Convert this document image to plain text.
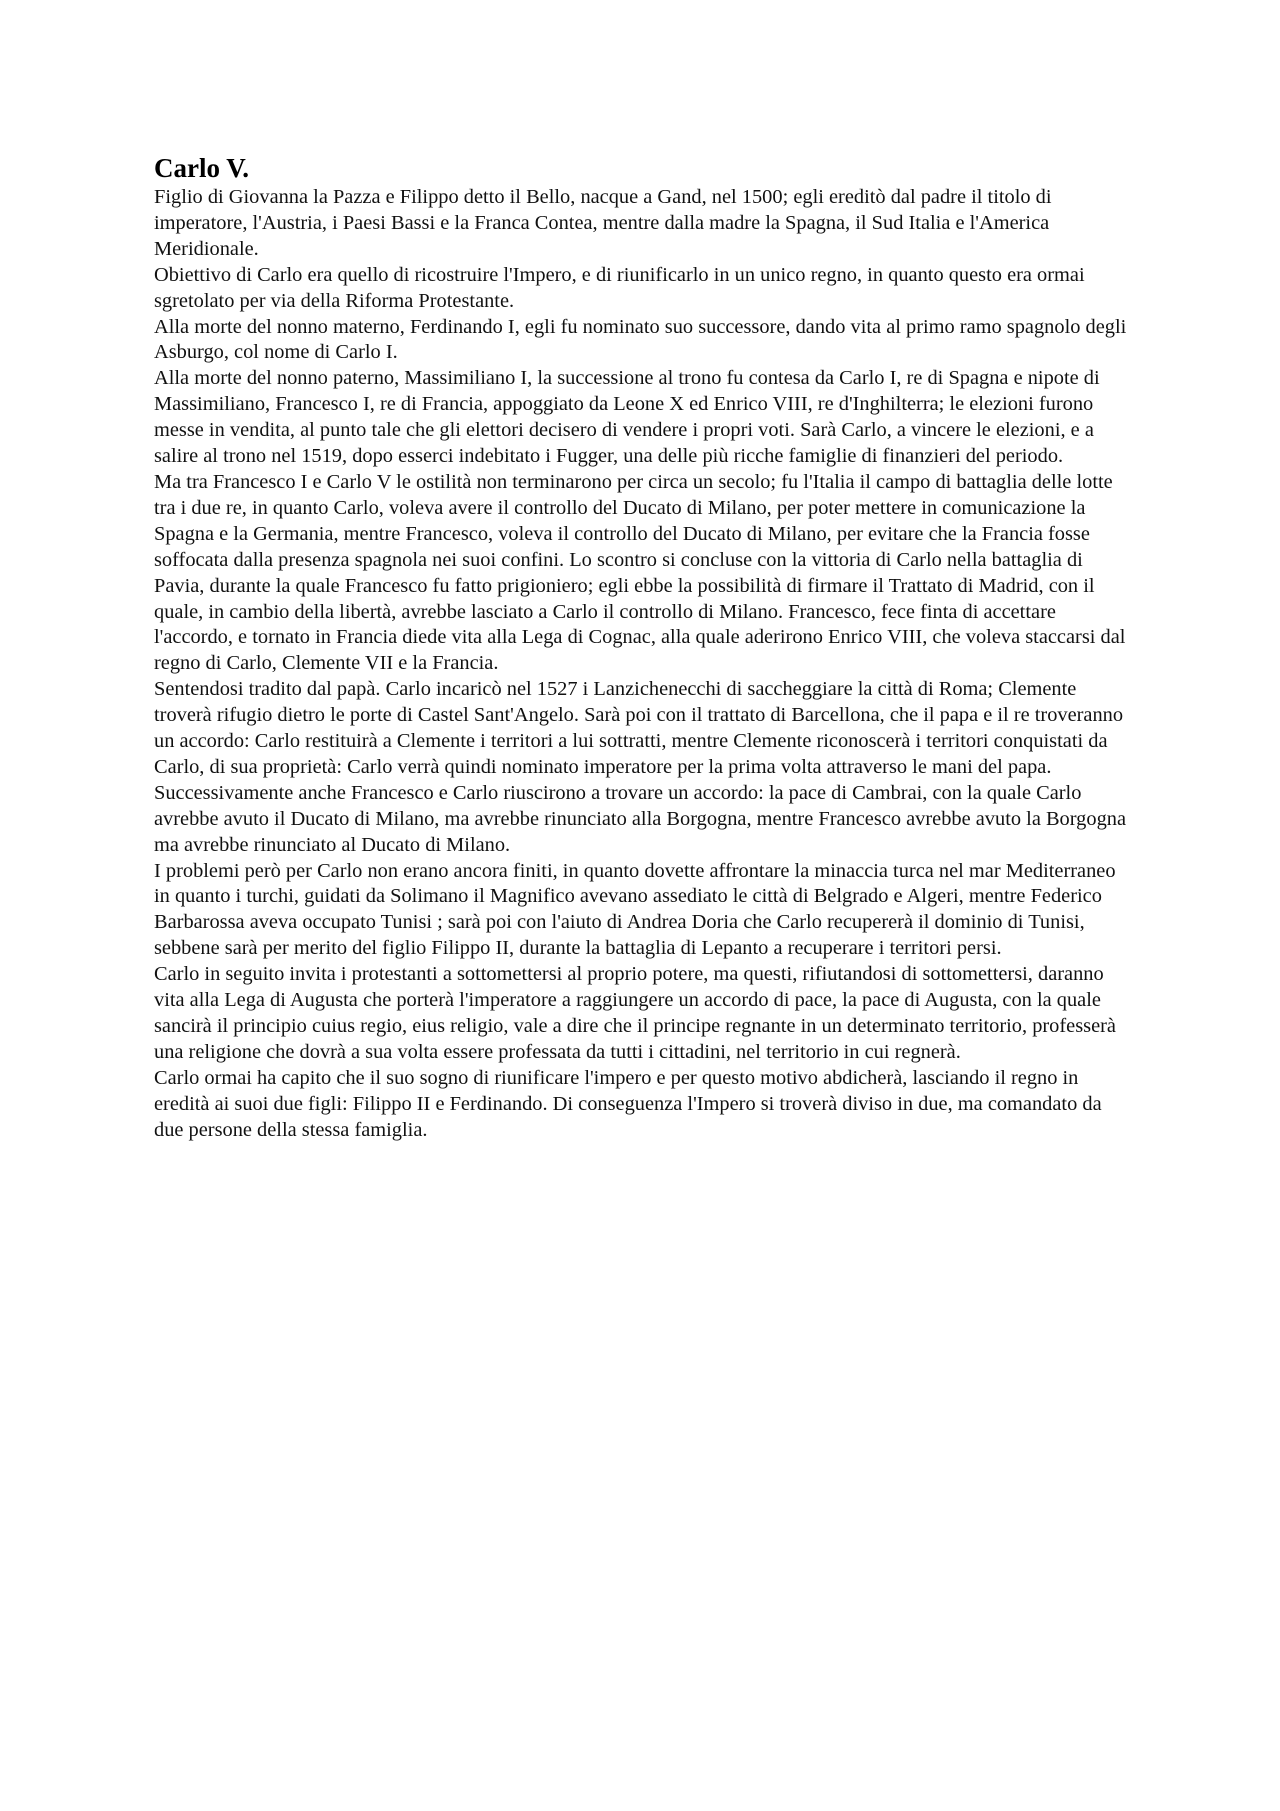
Carlo V.

Figlio di Giovanna la Pazza e Filippo detto il Bello, nacque a Gand, nel 1500; egli ereditò dal padre il titolo di imperatore, l'Austria, i Paesi Bassi e la Franca Contea, mentre dalla madre la Spagna, il Sud Italia e l'America Meridionale.

Obiettivo di Carlo era quello di ricostruire l'Impero, e di riunificarlo in un unico regno, in quanto questo era ormai sgretolato per via della Riforma Protestante.

Alla morte del nonno materno, Ferdinando I, egli fu nominato suo successore, dando vita al primo ramo spagnolo degli Asburgo, col nome di Carlo I.

Alla morte del nonno paterno, Massimiliano I, la successione al trono fu contesa da Carlo I, re di Spagna e nipote di Massimiliano, Francesco I, re di Francia, appoggiato da Leone X ed Enrico VIII, re d'Inghilterra; le elezioni furono messe in vendita, al punto tale che gli elettori decisero di vendere i propri voti. Sarà Carlo, a vincere le elezioni, e a salire al trono nel 1519, dopo esserci indebitato i Fugger, una delle più ricche famiglie di finanzieri del periodo.

Ma tra Francesco I e Carlo V le ostilità non terminarono per circa un secolo; fu l'Italia il campo di battaglia delle lotte tra i due re, in quanto Carlo, voleva avere il controllo del Ducato di Milano, per poter mettere in comunicazione la Spagna e la Germania, mentre Francesco, voleva il controllo del Ducato di Milano, per evitare che la Francia fosse soffocata dalla presenza spagnola nei suoi confini. Lo scontro si concluse con la vittoria di Carlo nella battaglia di Pavia, durante la quale Francesco fu fatto prigioniero; egli ebbe la possibilità di firmare il Trattato di Madrid, con il quale, in cambio della libertà, avrebbe lasciato a Carlo il controllo di Milano. Francesco, fece finta di accettare l'accordo, e tornato in Francia diede vita alla Lega di Cognac, alla quale aderirono Enrico VIII, che voleva staccarsi dal regno di Carlo, Clemente VII e la Francia.

Sentendosi tradito dal papà. Carlo incaricò nel 1527 i Lanzichenecchi di saccheggiare la città di Roma; Clemente troverà rifugio dietro le porte di Castel Sant'Angelo. Sarà poi con il trattato di Barcellona, che il papa e il re troveranno un accordo: Carlo restituirà a Clemente i territori a lui sottratti, mentre Clemente riconoscerà i territori conquistati da Carlo, di sua proprietà: Carlo verrà quindi nominato imperatore per la prima volta attraverso le mani del papa.

Successivamente anche Francesco e Carlo riuscirono a trovare un accordo: la pace di Cambrai, con la quale Carlo avrebbe avuto il Ducato di Milano, ma avrebbe rinunciato alla Borgogna, mentre Francesco avrebbe avuto la Borgogna ma avrebbe rinunciato al Ducato di Milano.

I problemi però per Carlo non erano ancora finiti, in quanto dovette affrontare la minaccia turca nel mar Mediterraneo in quanto i turchi, guidati da Solimano il Magnifico avevano assediato le città di Belgrado e Algeri, mentre Federico Barbarossa aveva occupato Tunisi ; sarà poi con l'aiuto di Andrea Doria che Carlo recupererà il dominio di Tunisi, sebbene sarà per merito del figlio Filippo II, durante la battaglia di Lepanto a recuperare i territori persi.

Carlo in seguito invita i protestanti a sottomettersi al proprio potere, ma questi, rifiutandosi di sottomettersi, daranno vita alla Lega di Augusta che porterà l'imperatore a raggiungere un accordo di pace, la pace di Augusta, con la quale sancirà il principio cuius regio, eius religio, vale a dire che il principe regnante in un determinato territorio, professerà una religione che dovrà a sua volta essere professata da tutti i cittadini, nel territorio in cui regnerà.

Carlo ormai ha capito che il suo sogno di riunificare l'impero e per questo motivo abdicherà, lasciando il regno in eredità ai suoi due figli: Filippo II e Ferdinando. Di conseguenza l'Impero si troverà diviso in due, ma comandato da due persone della stessa famiglia.
